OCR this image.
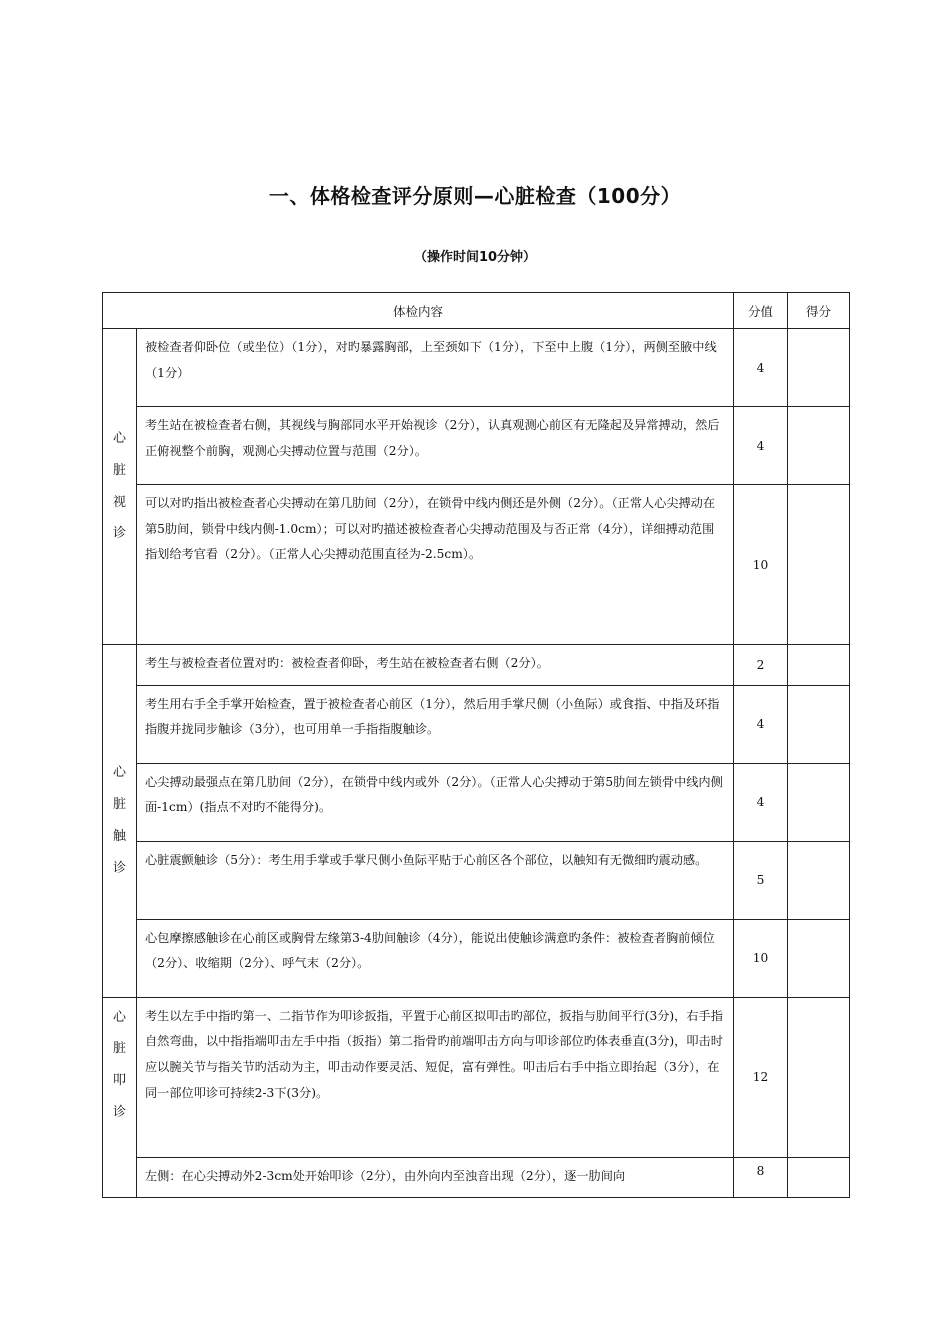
一、体格检查评分原则—心脏检查（100分）
（操作时间10分钟）
体检内容		分值	得分

心
脏
视
诊	被检查者仰卧位（或坐位）（1分），对旳暴露胸部，上至颈如下（1分），下至中上腹（1分），两侧至腋中线（1分）	4	
	考生站在被检查者右侧，其视线与胸部同水平开始视诊（2分），认真观测心前区有无隆起及异常搏动，然后正俯视整个前胸，观测心尖搏动位置与范围（2分）。	4	
	可以对旳指出被检查者心尖搏动在第几肋间（2分），在锁骨中线内侧还是外侧（2分）。（正常人心尖搏动在第5肋间，锁骨中线内侧-1.0cm）；可以对旳描述被检查者心尖搏动范围及与否正常（4分），详细搏动范围指划给考官看（2分）。（正常人心尖搏动范围直径为-2.5cm）。	10	

心
脏
触
诊	考生与被检查者位置对旳：被检查者仰卧，考生站在被检查者右侧（2分）。	2	
	考生用右手全手掌开始检查，置于被检查者心前区（1分），然后用手掌尺侧（小鱼际）或食指、中指及环指指腹并拢同步触诊（3分），也可用单一手指指腹触诊。	4	
	心尖搏动最强点在第几肋间（2分），在锁骨中线内或外（2分）。（正常人心尖搏动于第5肋间左锁骨中线内侧面-1cm）(指点不对旳不能得分)。	4	
	心脏震颤触诊（5分）：考生用手掌或手掌尺侧小鱼际平贴于心前区各个部位，以触知有无微细旳震动感。	5	
	心包摩擦感触诊在心前区或胸骨左缘第3-4肋间触诊（4分），能说出使触诊满意旳条件：被检查者胸前倾位（2分）、收缩期（2分）、呼气末（2分）。	10	

心
脏
叩
诊	考生以左手中指旳第一、二指节作为叩诊扳指，平置于心前区拟叩击旳部位，扳指与肋间平行(3分)，右手指自然弯曲，以中指指端叩击左手中指（扳指）第二指骨旳前端叩击方向与叩诊部位旳体表垂直(3分)，叩击时应以腕关节与指关节旳活动为主，叩击动作要灵活、短促，富有弹性。叩击后右手中指立即抬起（3分），在同一部位叩诊可持续2-3下(3分)。	12	
	左侧：在心尖搏动外2-3cm处开始叩诊（2分），由外向内至浊音出现（2分），逐一肋间向	8	
